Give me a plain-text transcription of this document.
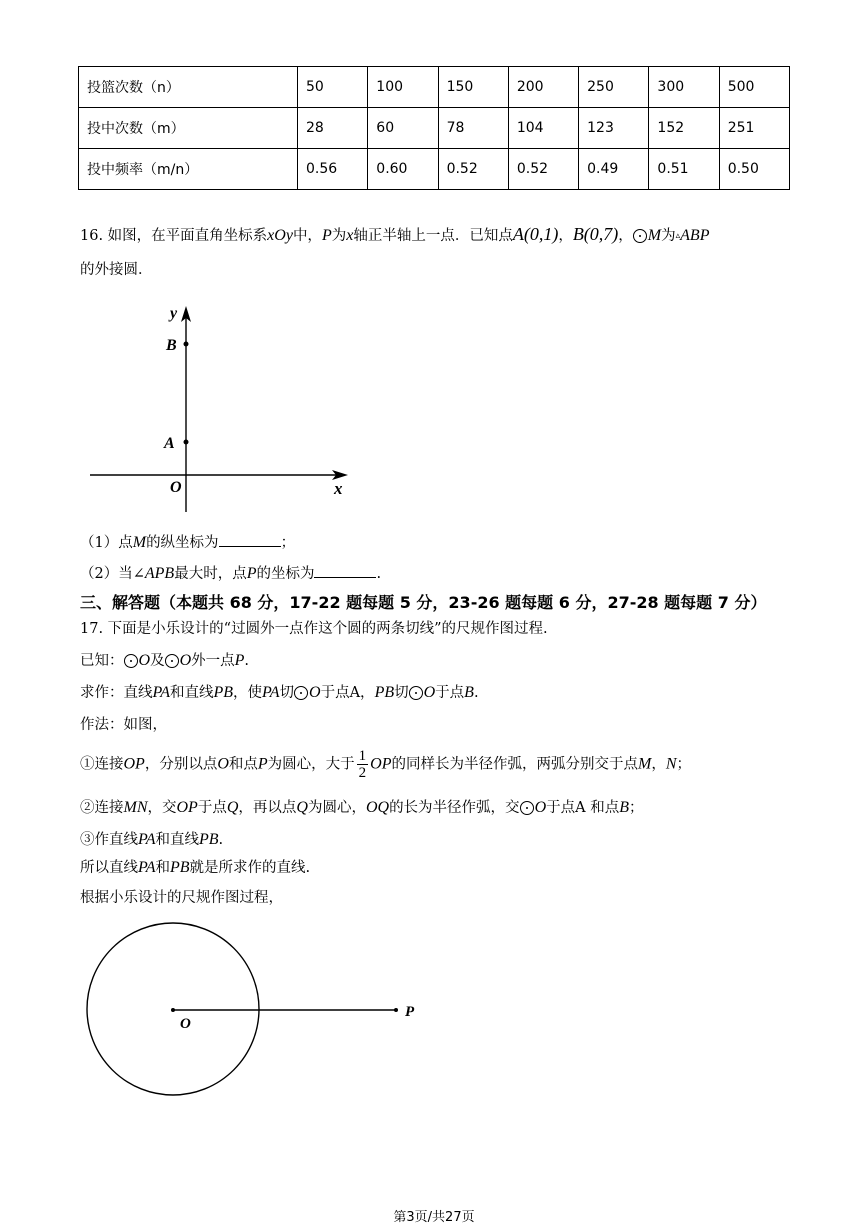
投篮次数（n）	50	100	150	200	250	300	500
投中次数（m）	28	60	78	104	123	152	251
投中频率（m/n）	0.56	0.60	0.52	0.52	0.49	0.51	0.50
16. 如图，在平面直角坐标系xOy中，P为x轴正半轴上一点．已知点A(0,1)，B(0,7)， M为▵ABP
的外接圆．
y
B
A
O	x
（1）点M的纵坐标为	；
（2）当∠APB最大时，点P的坐标为	.
三、解答题（本题共 68 分，17-22 题每题 5 分，23-26 题每题 6 分，27-28 题每题 7 分）
17. 下面是小乐设计的“过圆外一点作这个圆的两条切线”的尺规作图过程.
已知： O及 O外一点P.
求作：直线PA和直线PB，使PA切 O于点A，PB切 O于点B.
作法：如图，
①连接OP，分别以点O和点P为圆心，大于 $\frac{1}{2}$ OP的同样长为半径作弧，两弧分别交于点M，N；
②连接MN，交OP于点Q，再以点Q为圆心，OQ的长为半径作弧，交 O于点A 和点B；
③作直线PA和直线PB.
所以直线PA和PB就是所求作的直线.
根据小乐设计的尺规作图过程，
O
P
第3页/共27页
